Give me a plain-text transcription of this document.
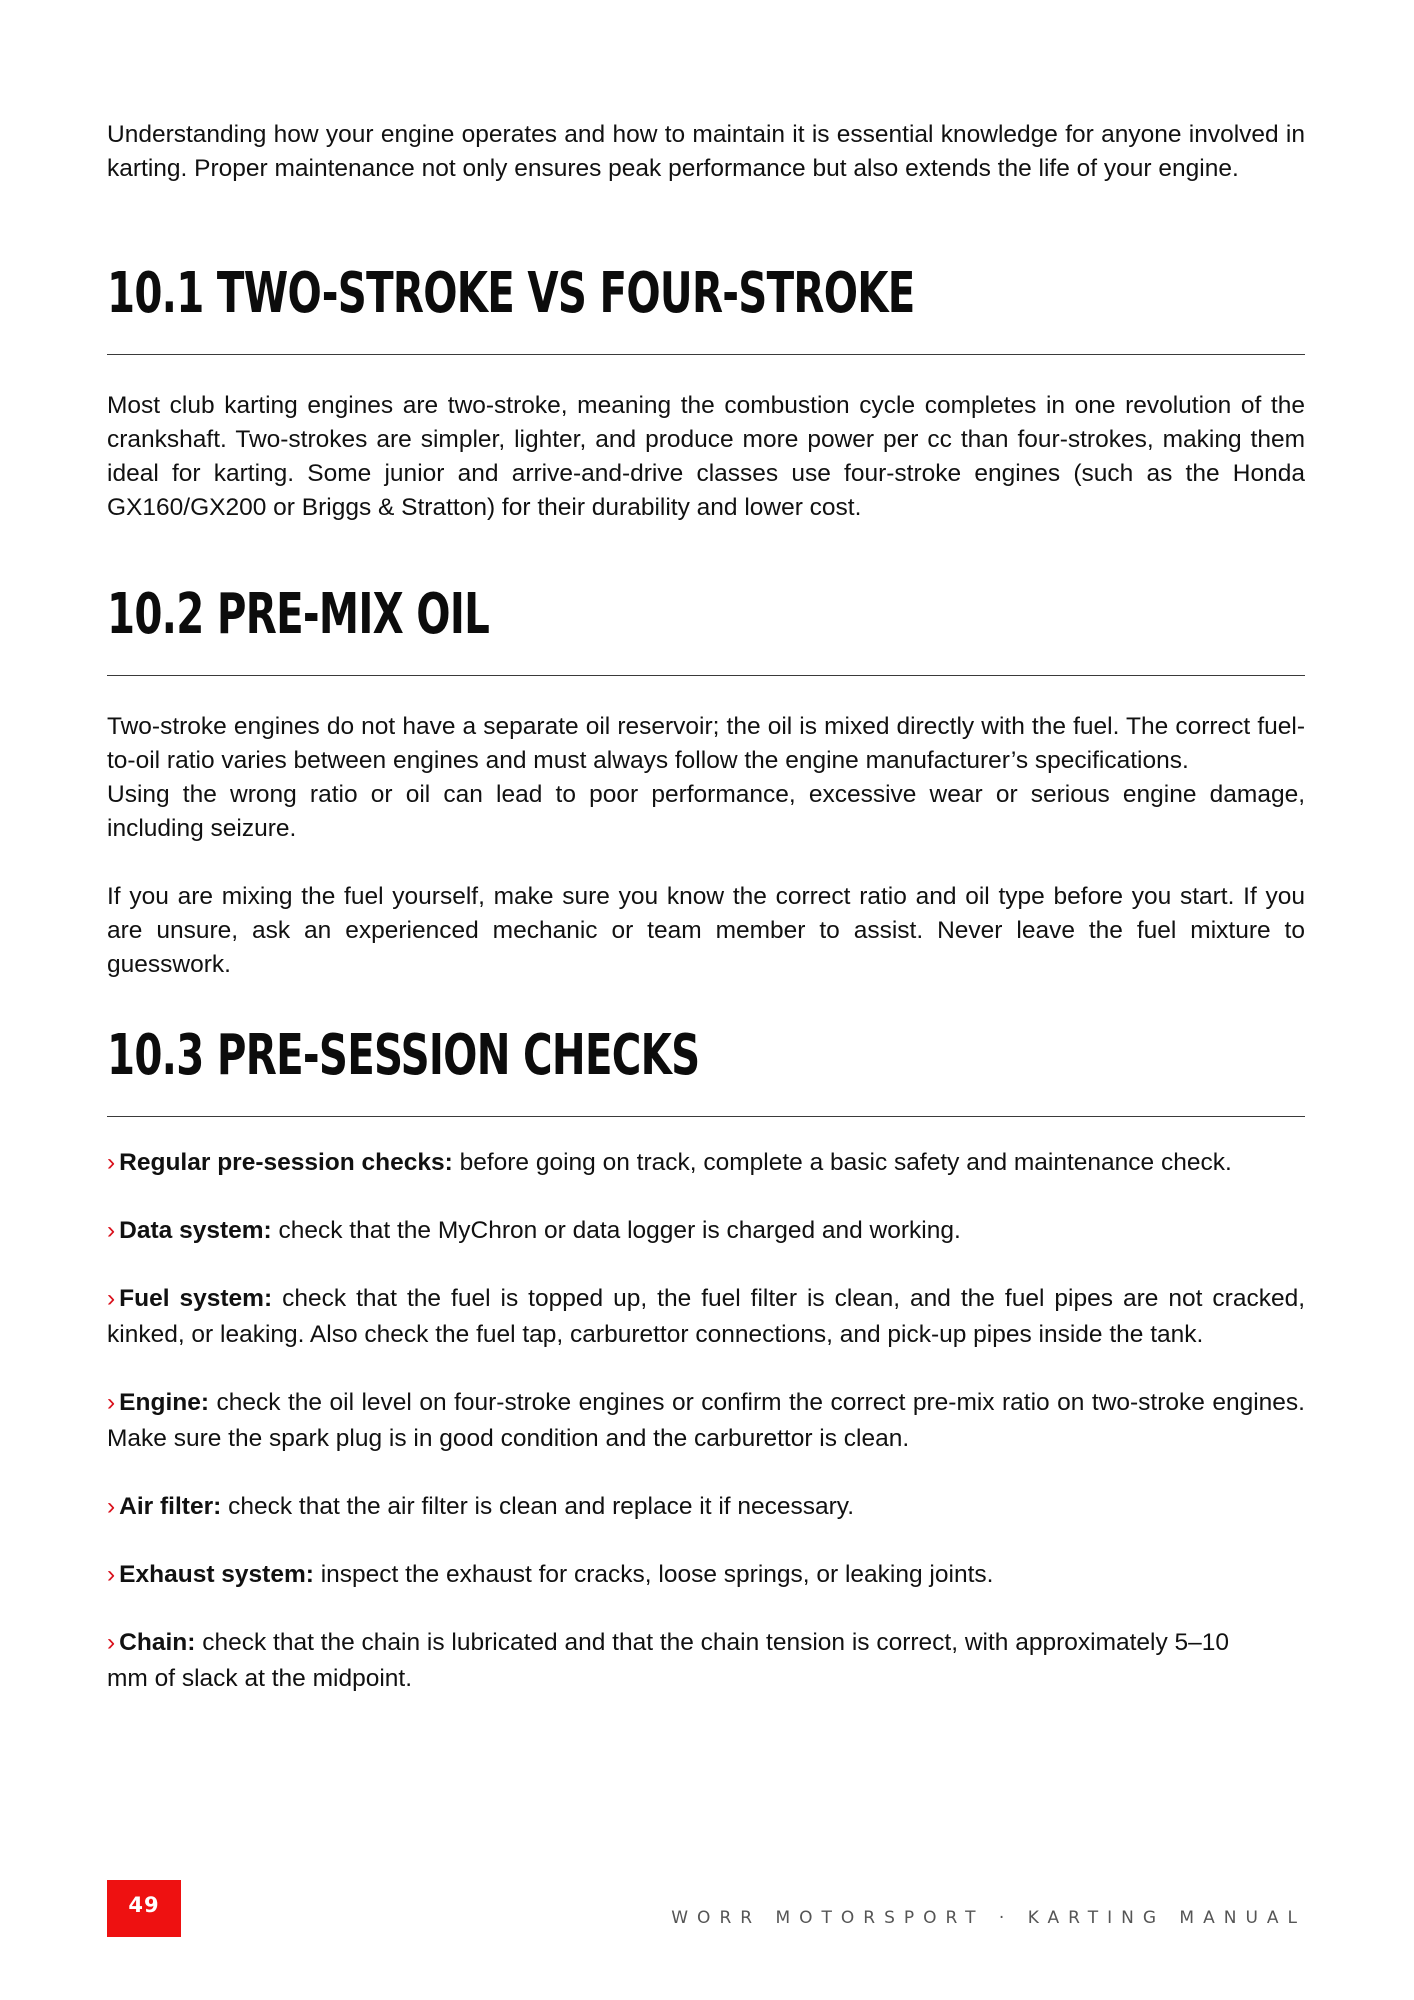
Understanding how your engine operates and how to maintain it is essential knowledge for anyone involved in karting. Proper maintenance not only ensures peak performance but also extends the life of your engine.

10.1 TWO-STROKE VS FOUR-STROKE

Most club karting engines are two-stroke, meaning the combustion cycle completes in one revolution of the crankshaft. Two-strokes are simpler, lighter, and produce more power per cc than four-strokes, making them ideal for karting. Some junior and arrive-and-drive classes use four-stroke engines (such as the Honda GX160/GX200 or Briggs & Stratton) for their durability and lower cost.

10.2 PRE-MIX OIL

Two-stroke engines do not have a separate oil reservoir; the oil is mixed directly with the fuel. The correct fuel-to-oil ratio varies between engines and must always follow the engine manufacturer’s specifications.

Using the wrong ratio or oil can lead to poor performance, excessive wear or serious engine damage, including seizure.

If you are mixing the fuel yourself, make sure you know the correct ratio and oil type before you start. If you are unsure, ask an experienced mechanic or team member to assist. Never leave the fuel mixture to guesswork.

10.3 PRE-SESSION CHECKS

› Regular pre-session checks: before going on track, complete a basic safety and maintenance check.

› Data system: check that the MyChron or data logger is charged and working.

› Fuel system: check that the fuel is topped up, the fuel filter is clean, and the fuel pipes are not cracked, kinked, or leaking. Also check the fuel tap, carburettor connections, and pick-up pipes inside the tank.

› Engine: check the oil level on four-stroke engines or confirm the correct pre-mix ratio on two-stroke engines. Make sure the spark plug is in good condition and the carburettor is clean.

› Air filter: check that the air filter is clean and replace it if necessary.

› Exhaust system: inspect the exhaust for cracks, loose springs, or leaking joints.

› Chain: check that the chain is lubricated and that the chain tension is correct, with approximately 5–10 mm of slack at the midpoint.

49
WORR MOTORSPORT · KARTING MANUAL
